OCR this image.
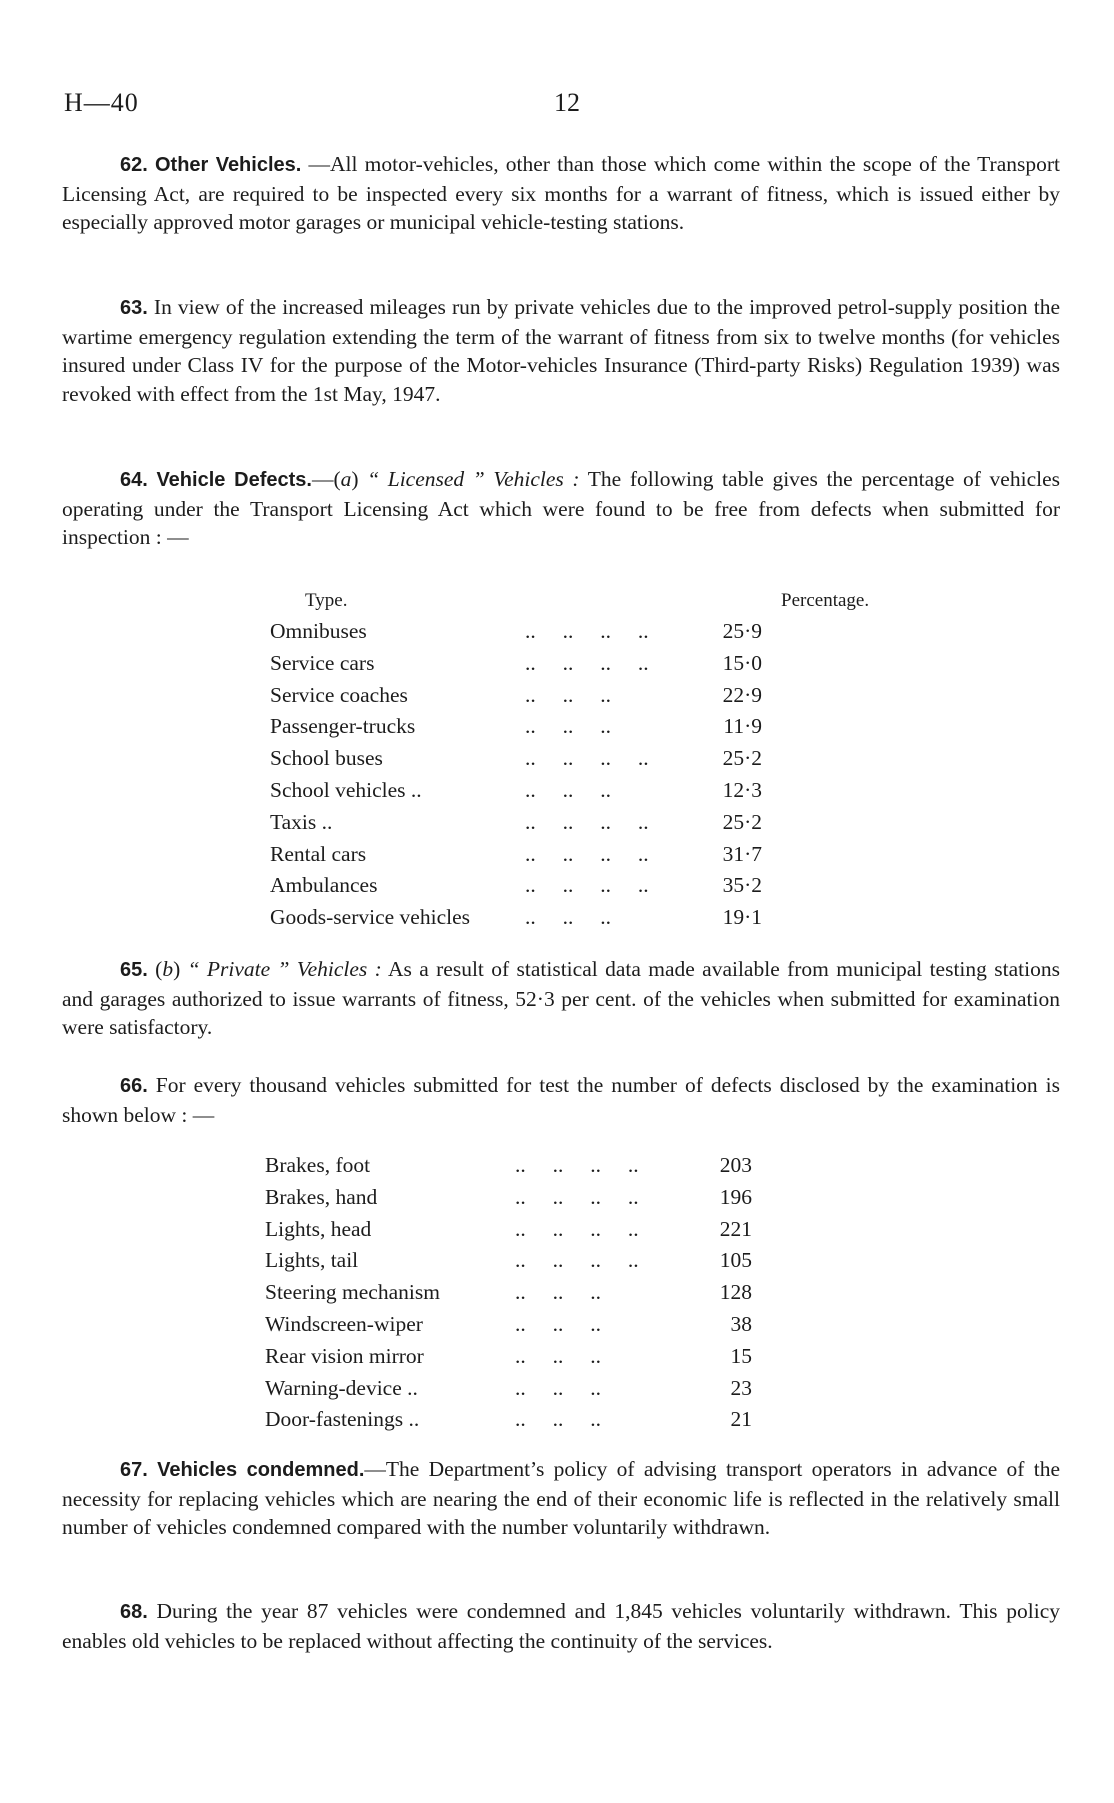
H—40	12

62. Other Vehicles. —All motor-vehicles, other than those which come within the scope of the Transport Licensing Act, are required to be inspected every six months for a warrant of fitness, which is issued either by especially approved motor garages or municipal vehicle-testing stations.

63. In view of the increased mileages run by private vehicles due to the improved petrol-supply position the wartime emergency regulation extending the term of the warrant of fitness from six to twelve months (for vehicles insured under Class IV for the purpose of the Motor-vehicles Insurance (Third-party Risks) Regulation 1939) was revoked with effect from the 1st May, 1947.

64. Vehicle Defects.—(a) “ Licensed ” Vehicles : The following table gives the percentage of vehicles operating under the Transport Licensing Act which were found to be free from defects when submitted for inspection : —

Type.	Percentage.
Omnibuses	..     ..     ..     ..	25·9
Service cars	..     ..     ..     ..	15·0
Service coaches	..     ..     ..	22·9
Passenger-trucks	..     ..     ..	11·9
School buses	..     ..     ..     ..	25·2
School vehicles ..	..     ..     ..	12·3
Taxis ..	..     ..     ..     ..	25·2
Rental cars	..     ..     ..     ..	31·7
Ambulances	..     ..     ..     ..	35·2
Goods-service vehicles	..     ..     ..	19·1

65. (b) “ Private ” Vehicles : As a result of statistical data made available from municipal testing stations and garages authorized to issue warrants of fitness, 52·3 per cent. of the vehicles when submitted for examination were satisfactory.

66. For every thousand vehicles submitted for test the number of defects disclosed by the examination is shown below : —

Brakes, foot	..     ..     ..     ..	203
Brakes, hand	..     ..     ..     ..	196
Lights, head	..     ..     ..     ..	221
Lights, tail	..     ..     ..     ..	105
Steering mechanism	..     ..     ..	128
Windscreen-wiper	..     ..     ..	38
Rear vision mirror	..     ..     ..	15
Warning-device ..	..     ..     ..	23
Door-fastenings ..	..     ..     ..	21

67. Vehicles condemned.—The Department’s policy of advising transport operators in advance of the necessity for replacing vehicles which are nearing the end of their economic life is reflected in the relatively small number of vehicles condemned compared with the number voluntarily withdrawn.

68. During the year 87 vehicles were condemned and 1,845 vehicles voluntarily withdrawn. This policy enables old vehicles to be replaced without affecting the continuity of the services.
